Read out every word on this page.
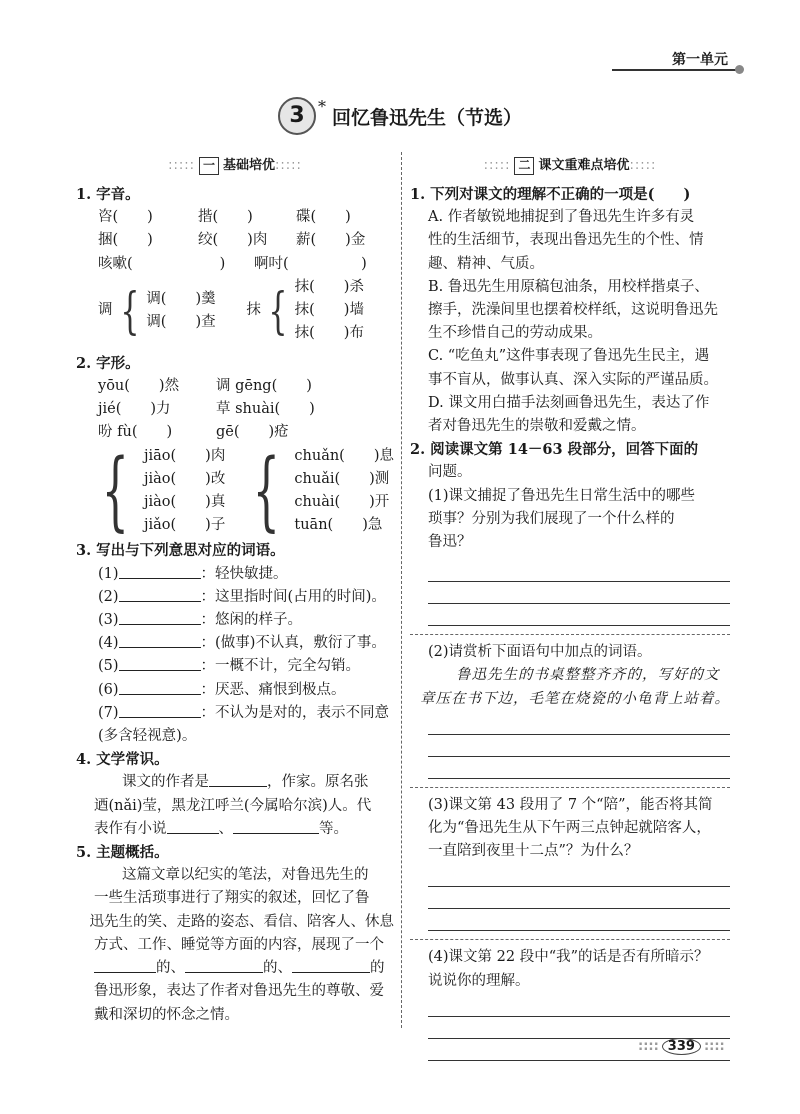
第一单元
3 * 回忆鲁迅先生（节选）
::::: 一 基础培优:::::
1. 字音。
咨(　　)	揩(　　)	碟(　　)
捆(　　)	绞(　　)肉	薪(　　)金
咳嗽(　　　　　　)	啊吋(　　　　　)
调 { 调(　　)羹
调(　　)查
抹 { 抹(　　)杀
抹(　　)墙
抹(　　)布
2. 字形。
yōu(　　)然	调 gēng(　　)
jié(　　)力	草 shuài(　　)
吩 fù(　　)	gē(　　)疮
{ jiāo(　　)肉
jiào(　　)改
jiào(　　)真
jiǎo(　　)子 { chuǎn(　　)息
chuǎi(　　)测
chuài(　　)开
tuān(　　)急
3. 写出与下列意思对应的词语。
(1)	：轻快敏捷。
(2)	：这里指时间(占用的时间)。
(3)	：悠闲的样子。
(4)	：(做事)不认真，敷衍了事。
(5)	：一概不计，完全勾销。
(6)	：厌恶、痛恨到极点。
(7)	：不认为是对的，表示不同意
(多含轻视意)。
4. 文学常识。
课文的作者是	，作家。原名张
迺(nǎi)莹，黑龙江呼兰(今属哈尔滨)人。代
表作有小说	、	等。
5. 主题概括。
这篇文章以纪实的笔法，对鲁迅先生的
一些生活琐事进行了翔实的叙述，回忆了鲁
迅先生的笑、走路的姿态、看信、陪客人、休息
方式、工作、睡觉等方面的内容，展现了一个
的、	的、	的
鲁迅形象，表达了作者对鲁迅先生的尊敬、爱
戴和深切的怀念之情。
::::: 二 课文重难点培优:::::
1. 下列对课文的理解不正确的一项是(　　)
A. 作者敏锐地捕捉到了鲁迅先生许多有灵
性的生活细节，表现出鲁迅先生的个性、情
趣、精神、气质。
B. 鲁迅先生用原稿包油条，用校样揩桌子、
擦手，洗澡间里也摆着校样纸，这说明鲁迅先
生不珍惜自己的劳动成果。
C. “吃鱼丸”这件事表现了鲁迅先生民主，遇
事不盲从，做事认真、深入实际的严谨品质。
D. 课文用白描手法刻画鲁迅先生，表达了作
者对鲁迅先生的崇敬和爱戴之情。
2. 阅读课文第 14－63 段部分，回答下面的
问题。
(1)课文捕捉了鲁迅先生日常生活中的哪些
琐事？分别为我们展现了一个什么样的
鲁迅？
(2)请赏析下面语句中加点的词语。
鲁迅先生的书桌整整齐齐的，写好的文
章压在书下边，毛笔在烧瓷的小龟背上站着。
(3)课文第 43 段用了 7 个“陪”，能否将其简
化为“鲁迅先生从下午两三点钟起就陪客人，
一直陪到夜里十二点”？为什么？
(4)课文第 22 段中“我”的话是否有所暗示？
说说你的理解。
:::: 339 ::::
